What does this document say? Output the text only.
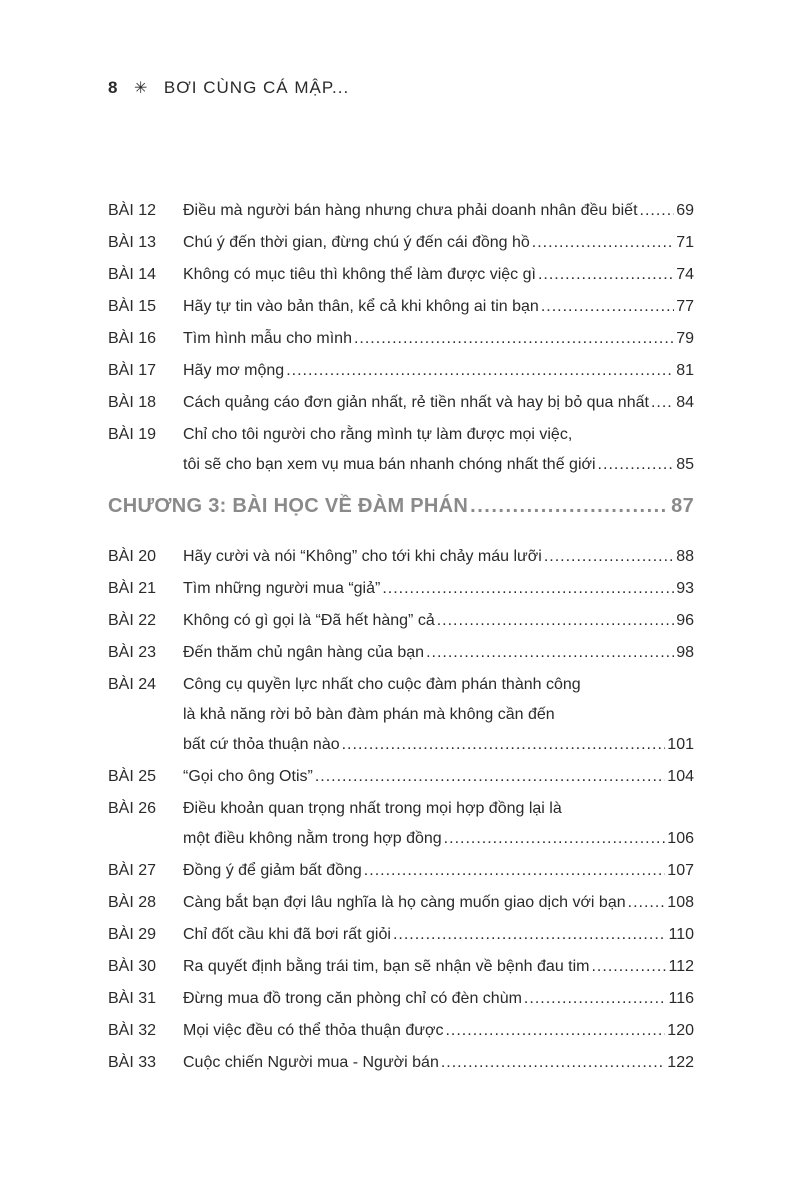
8 ✳ BƠI CÙNG CÁ MẬP...
BÀI 12	Điều mà người bán hàng nhưng chưa phải doanh nhân đều biết ..... 69
BÀI 13	Chú ý đến thời gian, đừng chú ý đến cái đồng hồ .....	71
BÀI 14	Không có mục tiêu thì không thể làm được việc gì .....	74
BÀI 15	Hãy tự tin vào bản thân, kể cả khi không ai tin bạn .....	77
BÀI 16	Tìm hình mẫu cho mình .....	79
BÀI 17	Hãy mơ mộng .....	81
BÀI 18	Cách quảng cáo đơn giản nhất, rẻ tiền nhất và hay bị bỏ qua nhất ..... 84
BÀI 19	Chỉ cho tôi người cho rằng mình tự làm được mọi việc,
tôi sẽ cho bạn xem vụ mua bán nhanh chóng nhất thế giới .....	85
CHƯƠNG 3: BÀI HỌC VỀ ĐÀM PHÁN .....	87
BÀI 20	Hãy cười và nói “Không” cho tới khi chảy máu lưỡi .....	88
BÀI 21	Tìm những người mua “giả” .....	93
BÀI 22	Không có gì gọi là “Đã hết hàng” cả .....	96
BÀI 23	Đến thăm chủ ngân hàng của bạn .....	98
BÀI 24	Công cụ quyền lực nhất cho cuộc đàm phán thành công
là khả năng rời bỏ bàn đàm phán mà không cần đến
bất cứ thỏa thuận nào .....	101
BÀI 25	“Gọi cho ông Otis” .....	104
BÀI 26	Điều khoản quan trọng nhất trong mọi hợp đồng lại là
một điều không nằm trong hợp đồng .....	106
BÀI 27	Đồng ý để giảm bất đồng .....	107
BÀI 28	Càng bắt bạn đợi lâu nghĩa là họ càng muốn giao dịch với bạn .....	108
BÀI 29	Chỉ đốt cầu khi đã bơi rất giỏi .....	110
BÀI 30	Ra quyết định bằng trái tim, bạn sẽ nhận về bệnh đau tim .....	112
BÀI 31	Đừng mua đồ trong căn phòng chỉ có đèn chùm .....	116
BÀI 32	Mọi việc đều có thể thỏa thuận được .....	120
BÀI 33	Cuộc chiến Người mua - Người bán .....	122
